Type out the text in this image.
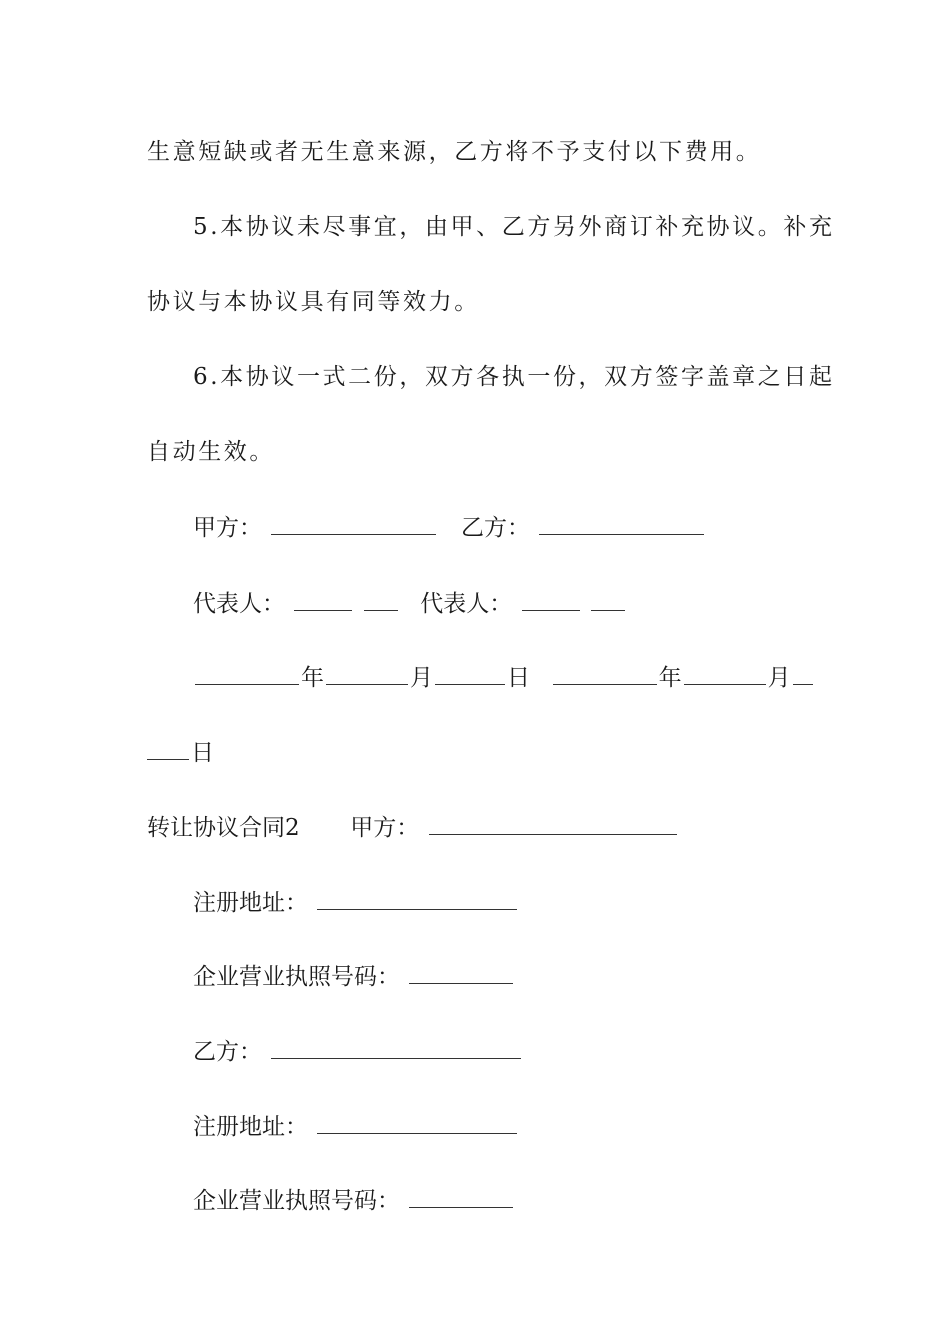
生意短缺或者无生意来源，乙方将不予支付以下费用。
5.本协议未尽事宜，由甲、乙方另外商订补充协议。补充
协议与本协议具有同等效力。
6.本协议一式二份，双方各执一份，双方签字盖章之日起
自动生效。
甲方：	乙方：
代表人：	代表人：
年	月	日	年	月
日
转让协议合同2 甲方：
注册地址：
企业营业执照号码：
乙方：
注册地址：
企业营业执照号码：
